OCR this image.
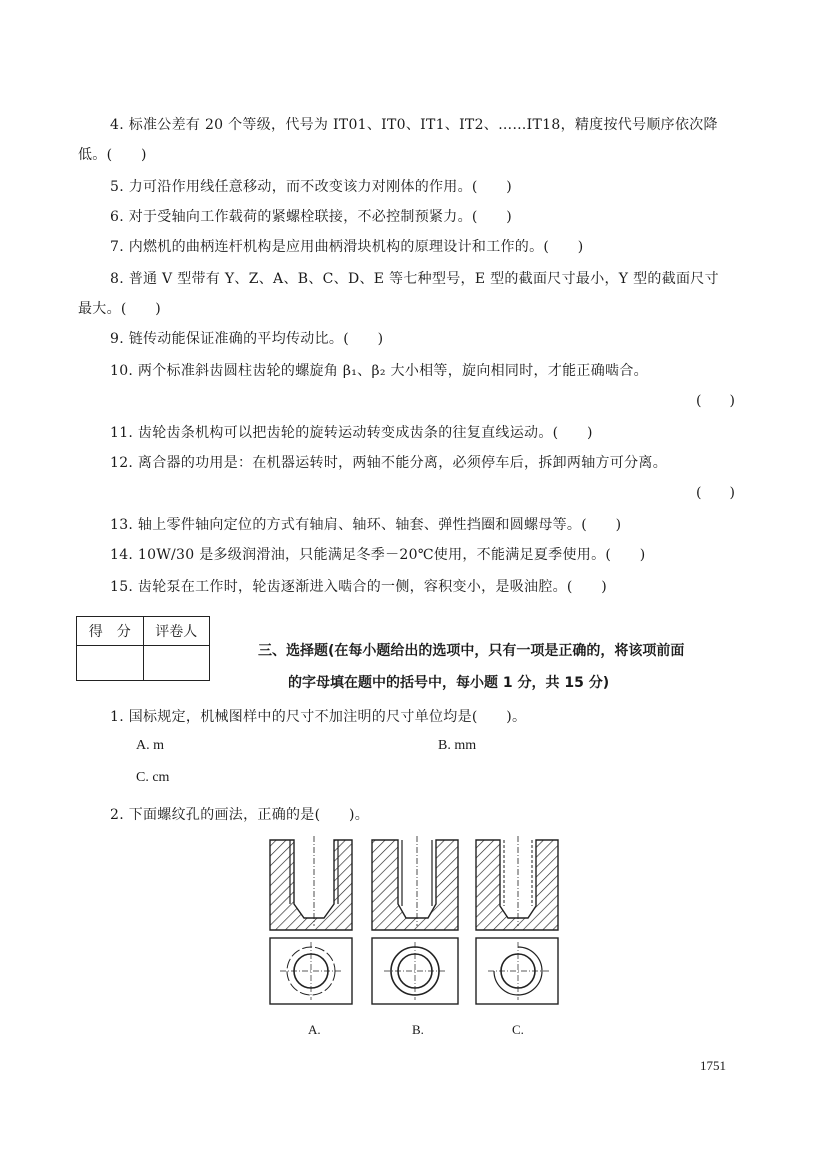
4. 标准公差有 20 个等级，代号为 IT01、IT0、IT1、IT2、……IT18，精度按代号顺序依次降
低。(　　)
5. 力可沿作用线任意移动，而不改变该力对刚体的作用。(　　)
6. 对于受轴向工作载荷的紧螺栓联接，不必控制预紧力。(　　)
7. 内燃机的曲柄连杆机构是应用曲柄滑块机构的原理设计和工作的。(　　)
8. 普通 V 型带有 Y、Z、A、B、C、D、E 等七种型号，E 型的截面尺寸最小，Y 型的截面尺寸
最大。(　　)
9. 链传动能保证准确的平均传动比。(　　)
10. 两个标准斜齿圆柱齿轮的螺旋角 β₁、β₂ 大小相等，旋向相同时，才能正确啮合。
(　　)
11. 齿轮齿条机构可以把齿轮的旋转运动转变成齿条的往复直线运动。(　　)
12. 离合器的功用是：在机器运转时，两轴不能分离，必须停车后，拆卸两轴方可分离。
(　　)
13. 轴上零件轴向定位的方式有轴肩、轴环、轴套、弹性挡圈和圆螺母等。(　　)
14. 10W/30 是多级润滑油，只能满足冬季－20℃使用，不能满足夏季使用。(　　)
15. 齿轮泵在工作时，轮齿逐渐进入啮合的一侧，容积变小，是吸油腔。(　　)
得　分	评卷人

三、选择题(在每小题给出的选项中，只有一项是正确的，将该项前面
的字母填在题中的括号中，每小题 1 分，共 15 分)
1. 国标规定，机械图样中的尺寸不加注明的尺寸单位均是(　　)。
A. m	B. mm
C. cm
2. 下面螺纹孔的画法，正确的是(　　)。
A.	B.	C.
1751
